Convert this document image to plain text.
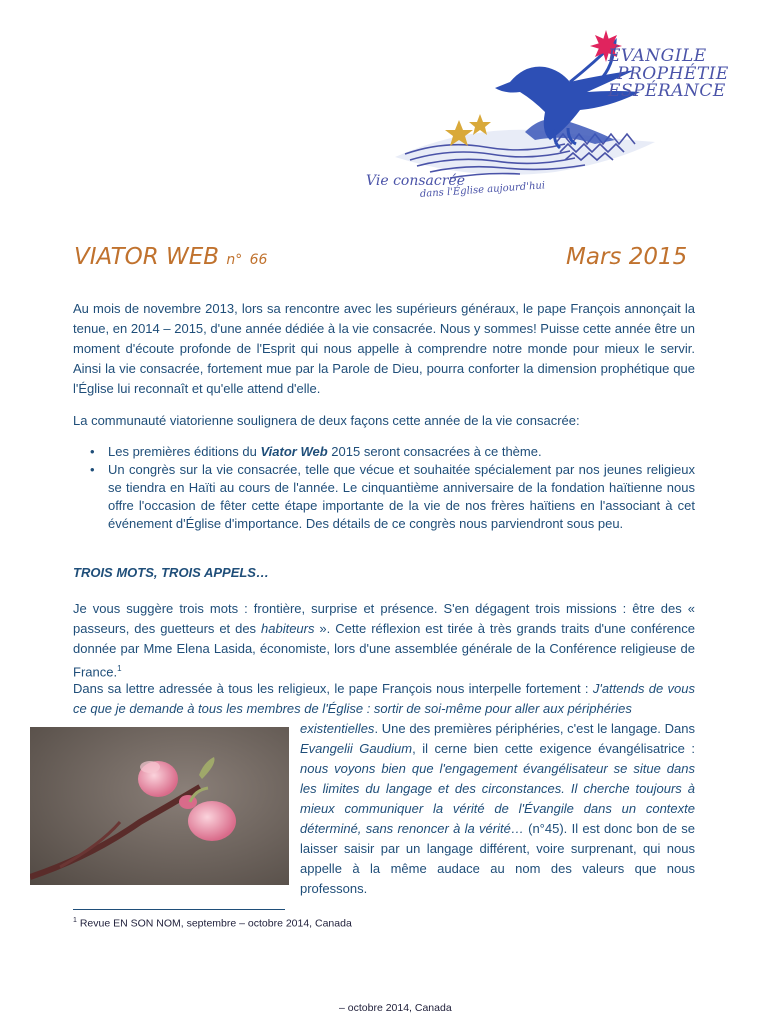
ÉVANGILE
PROPHÉTIE
ESPÉRANCE
Vie consacrée
dans l'Église aujourd'hui
VIATOR WEB n° 66	Mars 2015

Au mois de novembre 2013, lors sa rencontre avec les supérieurs généraux, le pape François annonçait la tenue, en 2014 – 2015, d'une année dédiée à la vie consacrée. Nous y sommes! Puisse cette année être un moment d'écoute profonde de l'Esprit qui nous appelle à comprendre notre monde pour mieux le servir. Ainsi la vie consacrée, fortement mue par la Parole de Dieu, pourra conforter la dimension prophétique que l'Église lui reconnaît et qu'elle attend d'elle.

La communauté viatorienne soulignera de deux façons cette année de la vie consacrée:

• Les premières éditions du Viator Web 2015 seront consacrées à ce thème.
• Un congrès sur la vie consacrée, telle que vécue et souhaitée spécialement par nos jeunes religieux se tiendra en Haïti au cours de l'année. Le cinquantième anniversaire de la fondation haïtienne nous offre l'occasion de fêter cette étape importante de la vie de nos frères haïtiens en l'associant à cet événement d'Église d'importance. Des détails de ce congrès nous parviendront sous peu.
TROIS MOTS, TROIS APPELS…

Je vous suggère trois mots : frontière, surprise et présence. S'en dégagent trois missions : être des « passeurs, des guetteurs et des habiteurs ». Cette réflexion est tirée à très grands traits d'une conférence donnée par Mme Elena Lasida, économiste, lors d'une assemblée générale de la Conférence religieuse de France.$^1$

Dans sa lettre adressée à tous les religieux, le pape François nous interpelle fortement : J'attends de vous ce que je demande à tous les membres de l'Église : sortir de soi-même pour aller aux périphéries

existentielles. Une des premières périphéries, c'est le langage. Dans Evangelii Gaudium, il cerne bien cette exigence évangélisatrice : nous voyons bien que l'engagement évangélisateur se situe dans les limites du langage et des circonstances. Il cherche toujours à mieux communiquer la vérité de l'Évangile dans un contexte déterminé, sans renoncer à la vérité… (n°45). Il est donc bon de se laisser saisir par un langage différent, voire surprenant, qui nous appelle à la même audace au nom des valeurs que nous professons.

$^1$ Revue EN SON NOM, septembre – octobre 2014, Canada
– octobre 2014, Canada
